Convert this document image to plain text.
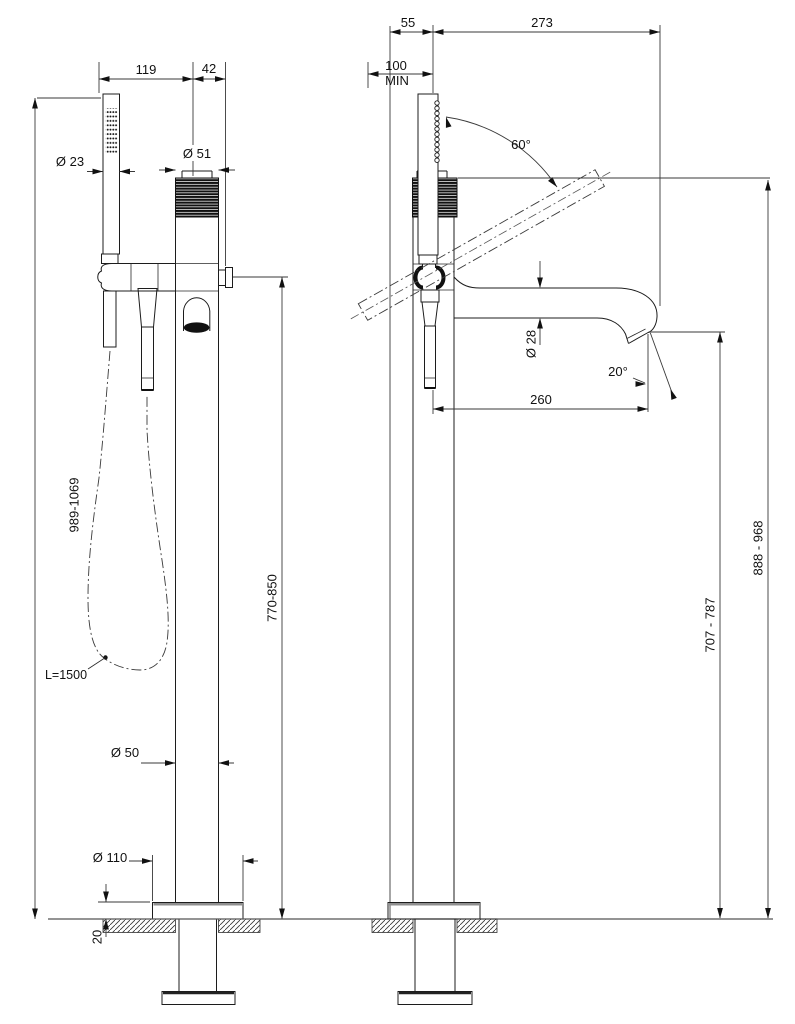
119	42
Ø 23
Ø 51
989-1069
770-850
L=1500
Ø 50
Ø 110
20
55	273
100
MIN
60°
Ø 28
20°
260
888 - 968
707 - 787
